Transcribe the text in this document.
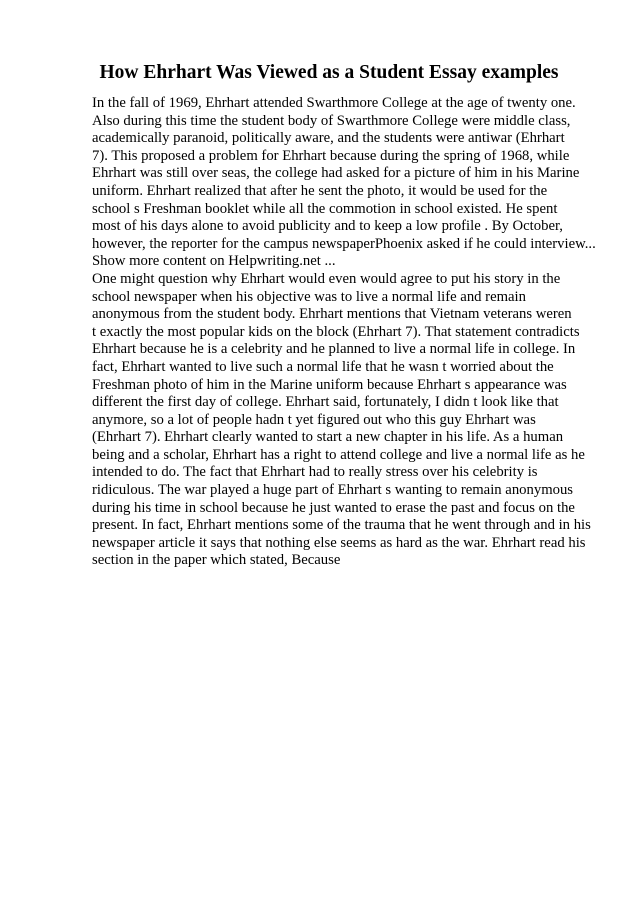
How Ehrhart Was Viewed as a Student Essay examples
In the fall of 1969, Ehrhart attended Swarthmore College at the age of twenty one.
Also during this time the student body of Swarthmore College were middle class,
academically paranoid, politically aware, and the students were antiwar (Ehrhart
7). This proposed a problem for Ehrhart because during the spring of 1968, while
Ehrhart was still over seas, the college had asked for a picture of him in his Marine
uniform. Ehrhart realized that after he sent the photo, it would be used for the
school s Freshman booklet while all the commotion in school existed. He spent
most of his days alone to avoid publicity and to keep a low profile . By October,
however, the reporter for the campus newspaperPhoenix asked if he could interview...
Show more content on Helpwriting.net ...
One might question why Ehrhart would even would agree to put his story in the
school newspaper when his objective was to live a normal life and remain
anonymous from the student body. Ehrhart mentions that Vietnam veterans weren
t exactly the most popular kids on the block (Ehrhart 7). That statement contradicts
Ehrhart because he is a celebrity and he planned to live a normal life in college. In
fact, Ehrhart wanted to live such a normal life that he wasn t worried about the
Freshman photo of him in the Marine uniform because Ehrhart s appearance was
different the first day of college. Ehrhart said, fortunately, I didn t look like that
anymore, so a lot of people hadn t yet figured out who this guy Ehrhart was
(Ehrhart 7). Ehrhart clearly wanted to start a new chapter in his life. As a human
being and a scholar, Ehrhart has a right to attend college and live a normal life as he
intended to do. The fact that Ehrhart had to really stress over his celebrity is
ridiculous. The war played a huge part of Ehrhart s wanting to remain anonymous
during his time in school because he just wanted to erase the past and focus on the
present. In fact, Ehrhart mentions some of the trauma that he went through and in his
newspaper article it says that nothing else seems as hard as the war. Ehrhart read his
section in the paper which stated, Because
